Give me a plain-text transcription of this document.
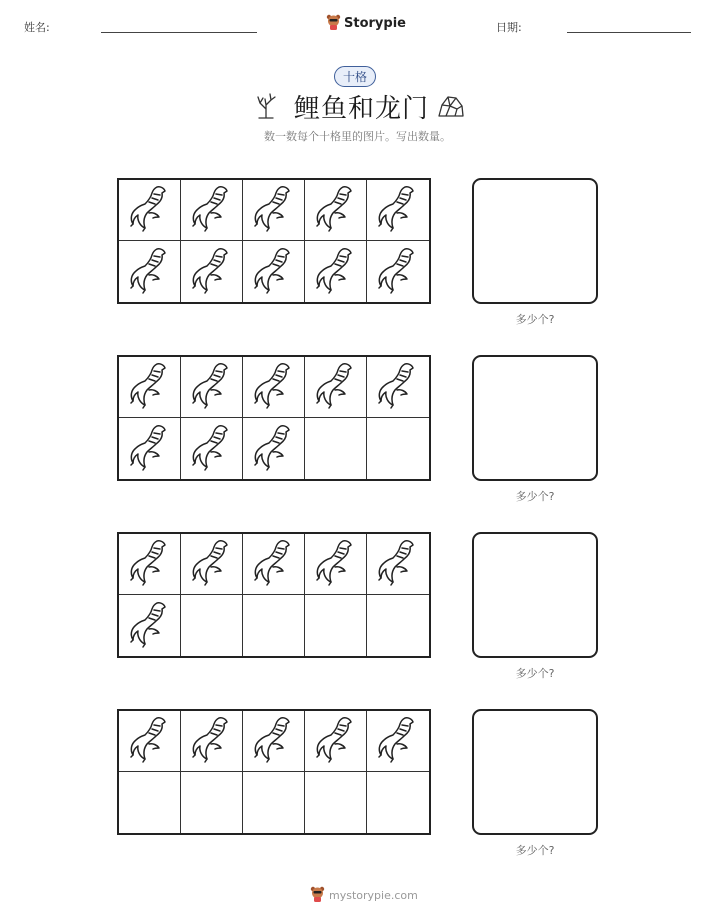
姓名:	Storypie	日期:
十格
鲤鱼和龙门
数一数每个十格里的图片。写出数量。
多少个?
多少个?
多少个?
多少个?
mystorypie.com
